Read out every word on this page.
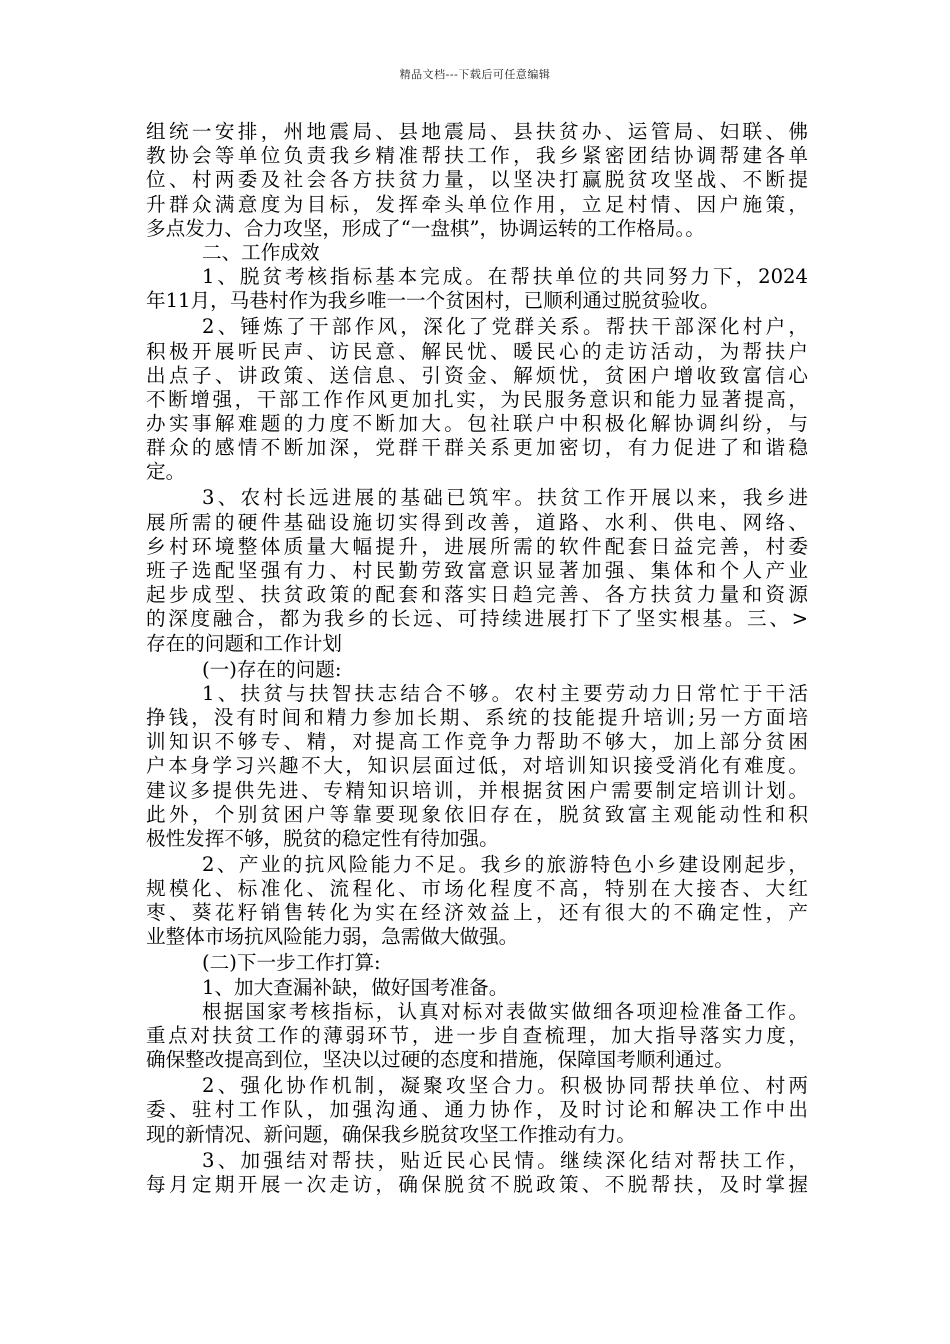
精品文档---下载后可任意编辑
组统一安排，州地震局、县地震局、县扶贫办、运管局、妇联、佛
教协会等单位负责我乡精准帮扶工作，我乡紧密团结协调帮建各单
位、村两委及社会各方扶贫力量，以坚决打赢脱贫攻坚战、不断提
升群众满意度为目标，发挥牵头单位作用，立足村情、因户施策，
多点发力、合力攻坚，形成了“一盘棋”，协调运转的工作格局。。
二、工作成效
1、脱贫考核指标基本完成。在帮扶单位的共同努力下，2024
年11月，马巷村作为我乡唯一一个贫困村，已顺利通过脱贫验收。
2、锤炼了干部作风，深化了党群关系。帮扶干部深化村户，
积极开展听民声、访民意、解民忧、暖民心的走访活动，为帮扶户
出点子、讲政策、送信息、引资金、解烦忧，贫困户增收致富信心
不断增强，干部工作作风更加扎实，为民服务意识和能力显著提高，
办实事解难题的力度不断加大。包社联户中积极化解协调纠纷，与
群众的感情不断加深，党群干群关系更加密切，有力促进了和谐稳
定。
3、农村长远进展的基础已筑牢。扶贫工作开展以来，我乡进
展所需的硬件基础设施切实得到改善，道路、水利、供电、网络、
乡村环境整体质量大幅提升，进展所需的软件配套日益完善，村委
班子选配坚强有力、村民勤劳致富意识显著加强、集体和个人产业
起步成型、扶贫政策的配套和落实日趋完善、各方扶贫力量和资源
的深度融合，都为我乡的长远、可持续进展打下了坚实根基。三、>
存在的问题和工作计划
(一)存在的问题:
1、扶贫与扶智扶志结合不够。农村主要劳动力日常忙于干活
挣钱，没有时间和精力参加长期、系统的技能提升培训;另一方面培
训知识不够专、精，对提高工作竞争力帮助不够大，加上部分贫困
户本身学习兴趣不大，知识层面过低，对培训知识接受消化有难度。
建议多提供先进、专精知识培训，并根据贫困户需要制定培训计划。
此外，个别贫困户等靠要现象依旧存在，脱贫致富主观能动性和积
极性发挥不够，脱贫的稳定性有待加强。
2、产业的抗风险能力不足。我乡的旅游特色小乡建设刚起步，
规模化、标准化、流程化、市场化程度不高，特别在大接杏、大红
枣、葵花籽销售转化为实在经济效益上，还有很大的不确定性，产
业整体市场抗风险能力弱，急需做大做强。
(二)下一步工作打算:
1、加大查漏补缺，做好国考准备。
根据国家考核指标，认真对标对表做实做细各项迎检准备工作。
重点对扶贫工作的薄弱环节，进一步自查梳理，加大指导落实力度，
确保整改提高到位，坚决以过硬的态度和措施，保障国考顺利通过。
2、强化协作机制，凝聚攻坚合力。积极协同帮扶单位、村两
委、驻村工作队，加强沟通、通力协作，及时讨论和解决工作中出
现的新情况、新问题，确保我乡脱贫攻坚工作推动有力。
3、加强结对帮扶，贴近民心民情。继续深化结对帮扶工作，
每月定期开展一次走访，确保脱贫不脱政策、不脱帮扶，及时掌握
